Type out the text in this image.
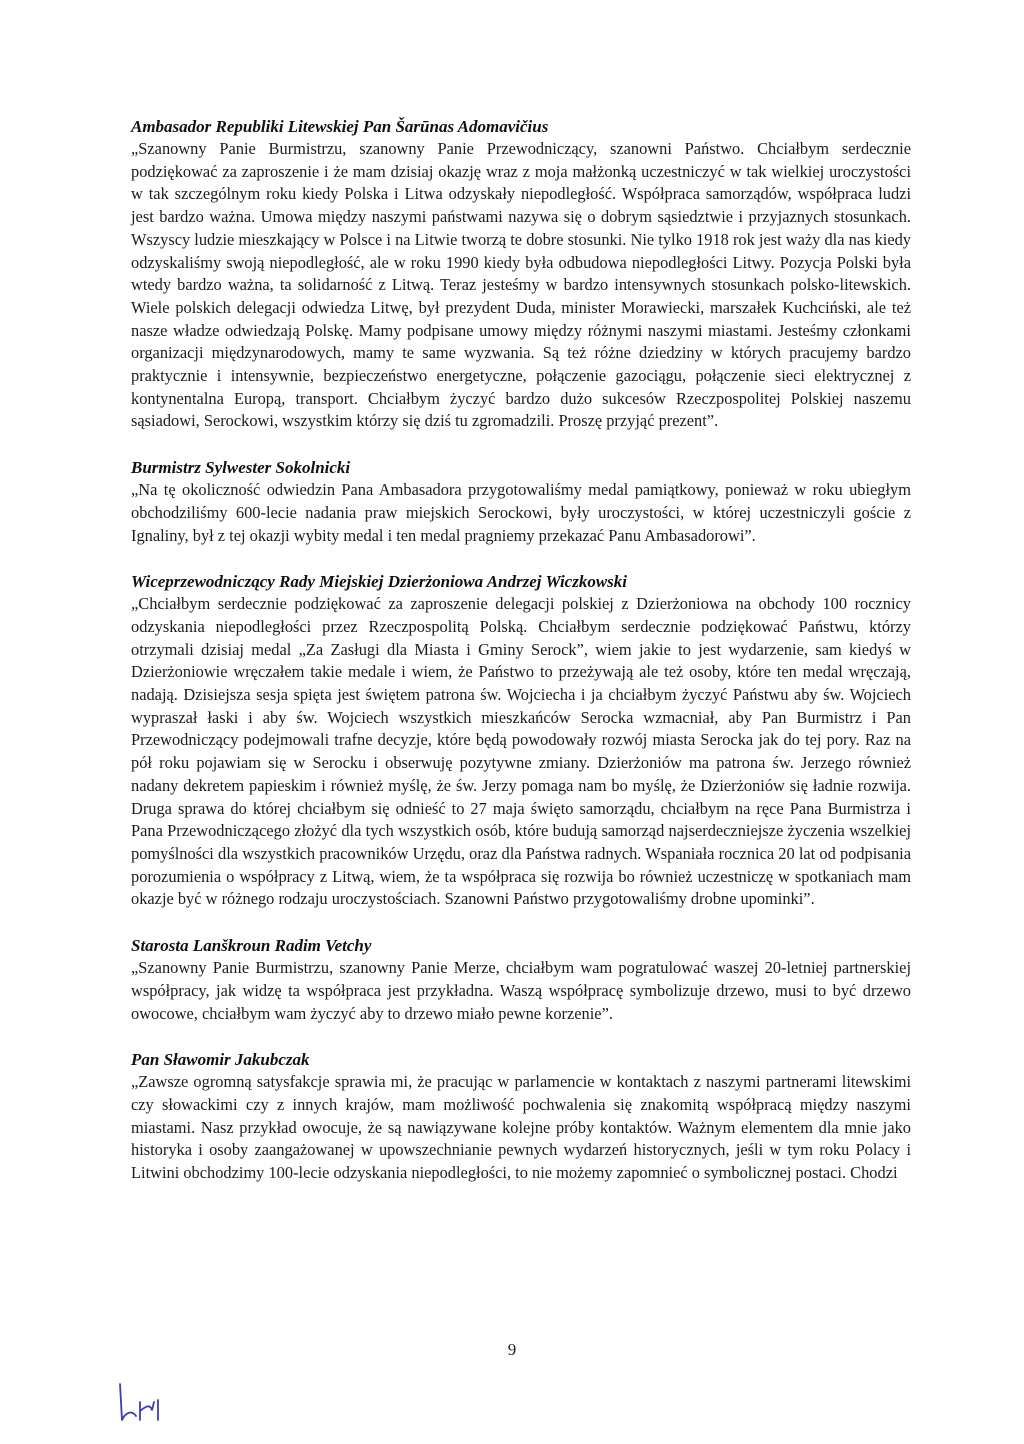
Ambasador Republiki Litewskiej Pan Šarūnas Adomavičius

„Szanowny Panie Burmistrzu, szanowny Panie Przewodniczący, szanowni Państwo. Chciałbym serdecznie podziękować za zaproszenie i że mam dzisiaj okazję wraz z moja małżonką uczestniczyć w tak wielkiej uroczystości w tak szczególnym roku kiedy Polska i Litwa odzyskały niepodległość. Współpraca samorządów, współpraca ludzi jest bardzo ważna. Umowa między naszymi państwami nazywa się o dobrym sąsiedztwie i przyjaznych stosunkach. Wszyscy ludzie mieszkający w Polsce i na Litwie tworzą te dobre stosunki. Nie tylko 1918 rok jest waży dla nas kiedy odzyskaliśmy swoją niepodległość, ale w roku 1990 kiedy była odbudowa niepodległości Litwy. Pozycja Polski była wtedy bardzo ważna, ta solidarność z Litwą. Teraz jesteśmy w bardzo intensywnych stosunkach polsko-litewskich. Wiele polskich delegacji odwiedza Litwę, był prezydent Duda, minister Morawiecki, marszałek Kuchciński, ale też nasze władze odwiedzają Polskę. Mamy podpisane umowy między różnymi naszymi miastami. Jesteśmy członkami organizacji międzynarodowych, mamy te same wyzwania. Są też różne dziedziny w których pracujemy bardzo praktycznie i intensywnie, bezpieczeństwo energetyczne, połączenie gazociągu, połączenie sieci elektrycznej z kontynentalna Europą, transport. Chciałbym życzyć bardzo dużo sukcesów Rzeczpospolitej Polskiej naszemu sąsiadowi, Serockowi, wszystkim którzy się dziś tu zgromadzili. Proszę przyjąć prezent”.

Burmistrz Sylwester Sokolnicki

„Na tę okoliczność odwiedzin Pana Ambasadora przygotowaliśmy medal pamiątkowy, ponieważ w roku ubiegłym obchodziliśmy 600-lecie nadania praw miejskich Serockowi, były uroczystości, w której uczestniczyli goście z Ignaliny, był z tej okazji wybity medal i ten medal pragniemy przekazać Panu Ambasadorowi”.

Wiceprzewodniczący Rady Miejskiej Dzierżoniowa Andrzej Wiczkowski

„Chciałbym serdecznie podziękować za zaproszenie delegacji polskiej z Dzierżoniowa na obchody 100 rocznicy odzyskania niepodległości przez Rzeczpospolitą Polską. Chciałbym serdecznie podziękować Państwu, którzy otrzymali dzisiaj medal „Za Zasługi dla Miasta i Gminy Serock”, wiem jakie to jest wydarzenie, sam kiedyś w Dzierżoniowie wręczałem takie medale i wiem, że Państwo to przeżywają ale też osoby, które ten medal wręczają, nadają. Dzisiejsza sesja spięta jest świętem patrona św. Wojciecha i ja chciałbym życzyć Państwu aby św. Wojciech wypraszał łaski i aby św. Wojciech wszystkich mieszkańców Serocka wzmacniał, aby Pan Burmistrz i Pan Przewodniczący podejmowali trafne decyzje, które będą powodowały rozwój miasta Serocka jak do tej pory. Raz na pół roku pojawiam się w Serocku i obserwuję pozytywne zmiany. Dzierżoniów ma patrona św. Jerzego również nadany dekretem papieskim i również myślę, że św. Jerzy pomaga nam bo myślę, że Dzierżoniów się ładnie rozwija. Druga sprawa do której chciałbym się odnieść to 27 maja święto samorządu, chciałbym na ręce Pana Burmistrza i Pana Przewodniczącego złożyć dla tych wszystkich osób, które budują samorząd najserdeczniejsze życzenia wszelkiej pomyślności dla wszystkich pracowników Urzędu, oraz dla Państwa radnych. Wspaniała rocznica 20 lat od podpisania porozumienia o współpracy z Litwą, wiem, że ta współpraca się rozwija bo również uczestniczę w spotkaniach mam okazje być w różnego rodzaju uroczystościach. Szanowni Państwo przygotowaliśmy drobne upominki”.

Starosta Lanškroun Radim Vetchy

„Szanowny Panie Burmistrzu, szanowny Panie Merze, chciałbym wam pogratulować waszej 20-letniej partnerskiej współpracy, jak widzę ta współpraca jest przykładna. Waszą współpracę symbolizuje drzewo, musi to być drzewo owocowe, chciałbym wam życzyć aby to drzewo miało pewne korzenie”.

Pan Sławomir Jakubczak

„Zawsze ogromną satysfakcje sprawia mi, że pracując w parlamencie w kontaktach z naszymi partnerami litewskimi czy słowackimi czy z innych krajów, mam możliwość pochwalenia się znakomitą współpracą między naszymi miastami. Nasz przykład owocuje, że są nawiązywane kolejne próby kontaktów. Ważnym elementem dla mnie jako historyka i osoby zaangażowanej w upowszechnianie pewnych wydarzeń historycznych, jeśli w tym roku Polacy i Litwini obchodzimy 100-lecie odzyskania niepodległości, to nie możemy zapomnieć o symbolicznej postaci. Chodzi

9
